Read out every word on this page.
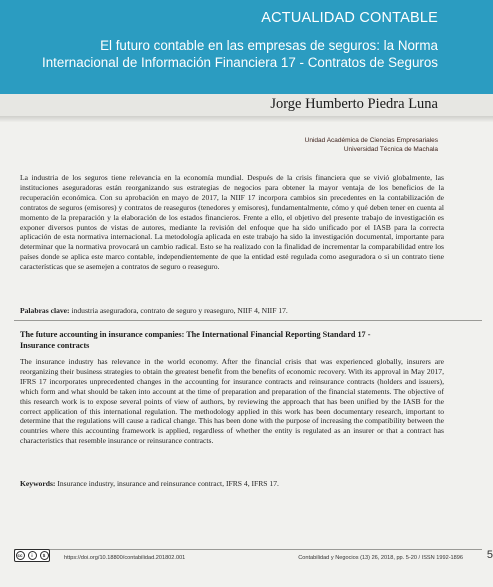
ACTUALIDAD CONTABLE
El futuro contable en las empresas de seguros: la Norma
Internacional de Información Financiera 17 - Contratos de Seguros
Jorge Humberto Piedra Luna
Unidad Académica de Ciencias Empresariales
Universidad Técnica de Machala

La industria de los seguros tiene relevancia en la economía mundial. Después de la crisis financiera que se vivió globalmente, las instituciones aseguradoras están reorganizando sus estrategias de negocios para obtener la mayor ventaja de los beneficios de la recuperación económica. Con su aprobación en mayo de 2017, la NIIF 17 incorpora cambios sin precedentes en la contabilización de contratos de seguros (emisores) y contratos de reaseguros (tenedores y emisores), fundamentalmente, cómo y qué deben tener en cuenta al momento de la preparación y la elaboración de los estados financieros. Frente a ello, el objetivo del presente trabajo de investigación es exponer diversos puntos de vistas de autores, mediante la revisión del enfoque que ha sido unificado por el IASB para la correcta aplicación de esta normativa internacional. La metodología aplicada en este trabajo ha sido la investigación documental, importante para determinar que la normativa provocará un cambio radical. Esto se ha realizado con la finalidad de incrementar la comparabilidad entre los países donde se aplica este marco contable, independientemente de que la entidad esté regulada como aseguradora o si un contrato tiene características que se asemejen a contratos de seguro o reaseguro.

Palabras clave: industria aseguradora, contrato de seguro y reaseguro, NIIF 4, NIIF 17.
The future accounting in insurance companies: The International Financial Reporting Standard 17 -
Insurance contracts

The insurance industry has relevance in the world economy. After the financial crisis that was experienced globally, insurers are reorganizing their business strategies to obtain the greatest benefit from the benefits of economic recovery. With its approval in May 2017, IFRS 17 incorporates unprecedented changes in the accounting for insurance contracts and reinsurance contracts (holders and issuers), which form and what should be taken into account at the time of preparation and preparation of the financial statements. The objective of this research work is to expose several points of view of authors, by reviewing the approach that has been unified by the IASB for the correct application of this international regulation. The methodology applied in this work has been documentary research, important to determine that the regulations will cause a radical change. This has been done with the purpose of increasing the compatibility between the countries where this accounting framework is applied, regardless of whether the entity is regulated as an insurer or that a contract has characteristics that resemble insurance or reinsurance contracts.

Keywords: Insurance industry, insurance and reinsurance contract, IFRS 4, IFRS 17.
cc	i	$	https://doi.org/10.18800/contabilidad.201802.001	Contabilidad y Negocios (13) 26, 2018, pp. 5-20 / ISSN 1992-1896 5
